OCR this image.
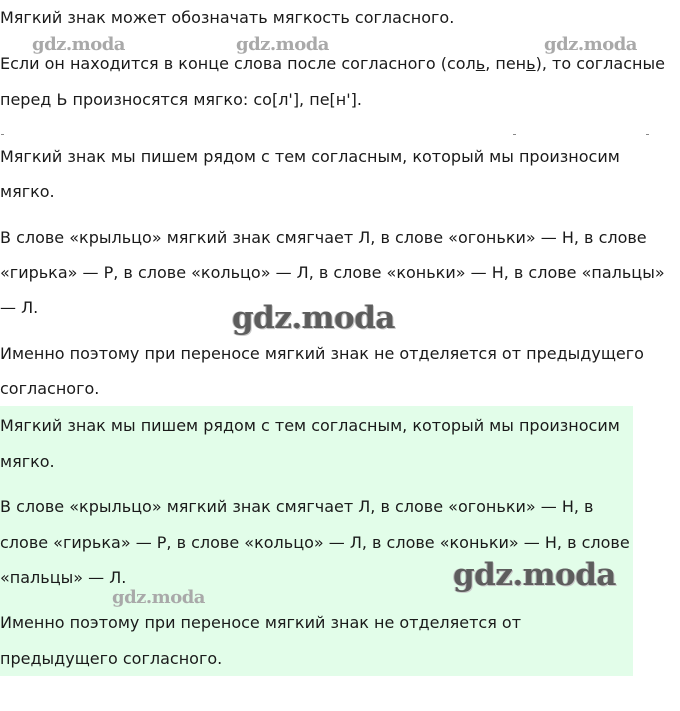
Мягкий знак может обозначать мягкость согласного.

Если он находится в конце слова после согласного (соль, пень), то согласные

перед Ь произносятся мягко: со[л'], пе[н'].

Мягкий знак мы пишем рядом с тем согласным, который мы произносим

мягко.

В слове «крыльцо» мягкий знак смягчает Л, в слове «огоньки» — Н, в слове

«гирька» — Р, в слове «кольцо» — Л, в слове «коньки» — Н, в слове «пальцы»

— Л.

Именно поэтому при переносе мягкий знак не отделяется от предыдущего

согласного.

Мягкий знак мы пишем рядом с тем согласным, который мы произносим

мягко.

В слове «крыльцо» мягкий знак смягчает Л, в слове «огоньки» — Н, в

слове «гирька» — Р, в слове «кольцо» — Л, в слове «коньки» — Н, в слове

«пальцы» — Л.

Именно поэтому при переносе мягкий знак не отделяется от

предыдущего согласного.

gdz.moda	gdz.moda	gdz.moda
gdz.moda
gdz.moda
gdz.moda
